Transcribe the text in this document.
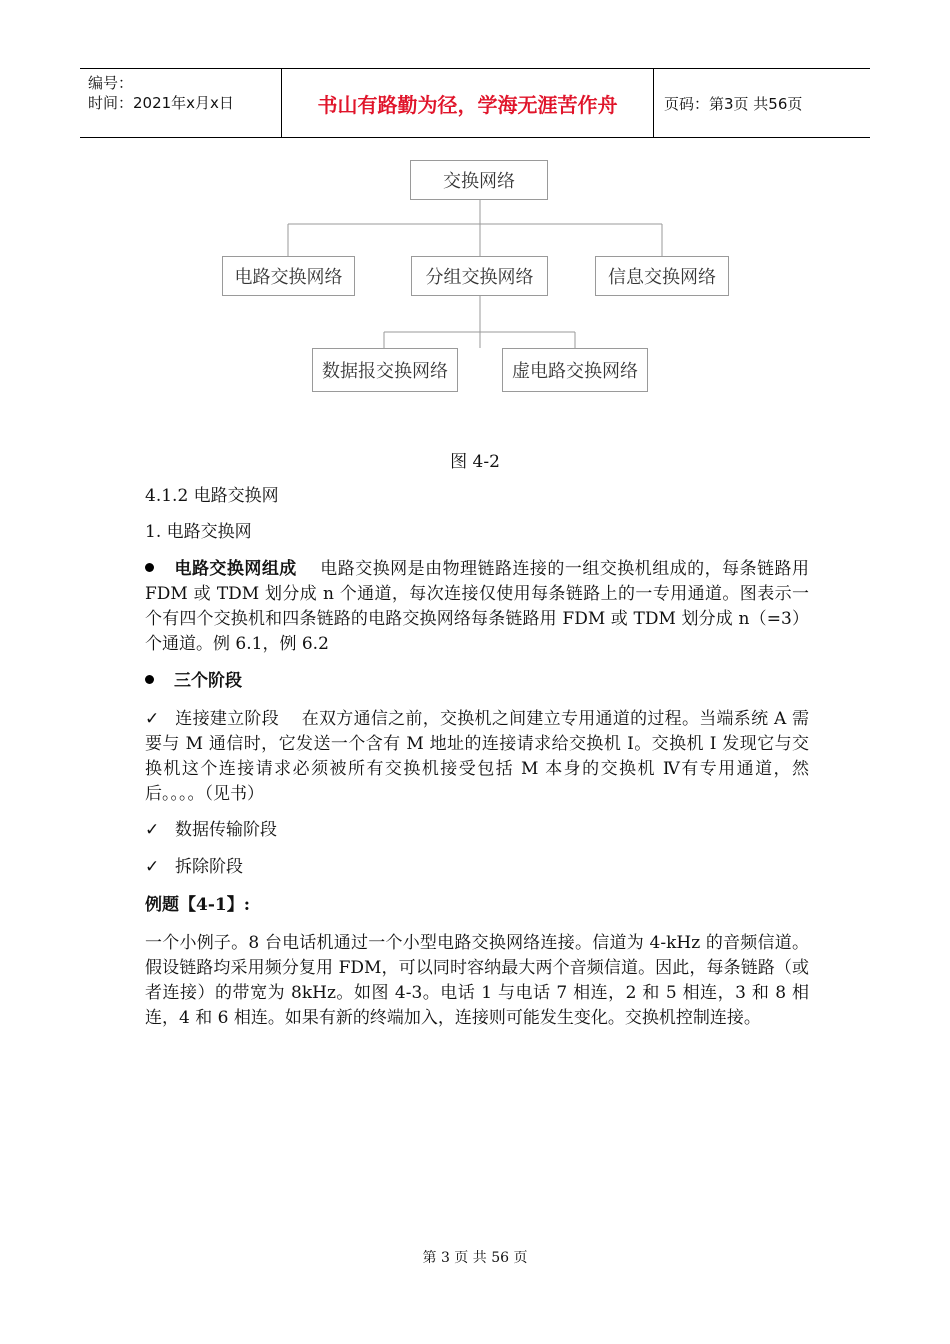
编号：
时间：2021年x月x日	书山有路勤为径，学海无涯苦作舟	页码：第3页 共56页
交换网络
电路交换网络	分组交换网络	信息交换网络
数据报交换网络	虚电路交换网络
图 4-2
4.1.2 电路交换网
1. 电路交换网
电路交换网组成 电路交换网是由物理链路连接的一组交换机组成的，每条链路用 FDM 或 TDM 划分成 n 个通道，每次连接仅使用每条链路上的一专用通道。图表示一个有四个交换机和四条链路的电路交换网络每条链路用 FDM 或 TDM 划分成 n（=3）个通道。例 6.1，例 6.2
三个阶段
✓ 连接建立阶段 在双方通信之前，交换机之间建立专用通道的过程。当端系统 A 需要与 M 通信时，它发送一个含有 M 地址的连接请求给交换机 I。交换机 I 发现它与交换机这个连接请求必须被所有交换机接受包括 M 本身的交换机 Ⅳ有专用通道，然后。。。。（见书）
✓ 数据传输阶段
✓ 拆除阶段
例题【4-1】:
一个小例子。8 台电话机通过一个小型电路交换网络连接。信道为 4-kHz 的音频信道。假设链路均采用频分复用 FDM，可以同时容纳最大两个音频信道。因此，每条链路（或者连接）的带宽为 8kHz。如图 4-3。电话 1 与电话 7 相连，2 和 5 相连，3 和 8 相连，4 和 6 相连。如果有新的终端加入，连接则可能发生变化。交换机控制连接。
第 3 页 共 56 页
